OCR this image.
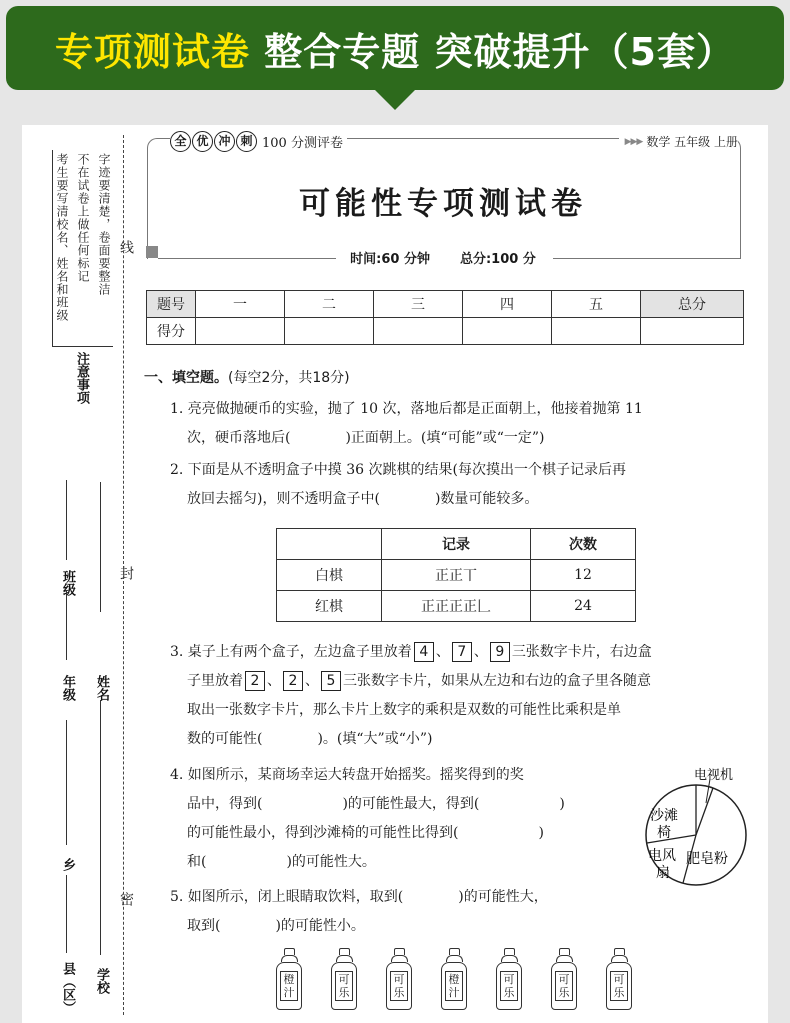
专项测试卷 整合专题 突破提升（5套）
考生要写清校名、姓名和班级 不在试卷上做任何标记 字迹要清楚，卷面要整洁
注意事项
线
封
密
班级
年级 姓名
乡
县（区） 学校
全 优 冲 刺 100 分测评卷	▶▶▶ 数学 五年级 上册
可能性专项测试卷
时间:60 分钟 总分:100 分
题号	一	二	三	四	五	总分
得分						
一、填空题。(每空2分，共18分)
1. 亮亮做抛硬币的实验，抛了 10 次，落地后都是正面朝上，他接着抛第 11
次，硬币落地后(	)正面朝上。(填“可能”或“一定”)
2. 下面是从不透明盒子中摸 36 次跳棋的结果(每次摸出一个棋子记录后再
放回去摇匀)，则不透明盒子中(	)数量可能较多。
	记录	次数
白棋	正正丅	12
红棋	正正正正𠃊	24
3. 桌子上有两个盒子，左边盒子里放着 4 、 7 、 9 三张数字卡片，右边盒
子里放着 2 、 2 、 5 三张数字卡片，如果从左边和右边的盒子里各随意
取出一张数字卡片，那么卡片上数字的乘积是双数的可能性比乘积是单
数的可能性(	)。(填“大”或“小”)
4. 如图所示，某商场幸运大转盘开始摇奖。摇奖得到的奖
品中，得到(	)的可能性最大，得到(	)
的可能性最小，得到沙滩椅的可能性比得到(	)
和(	)的可能性大。
电视机
沙滩
椅
电风
扇
肥皂粉
5. 如图所示，闭上眼睛取饮料，取到(	)的可能性大，
取到(	)的可能性小。
橙
汁
可
乐
可
乐
橙
汁
可
乐
可
乐
可
乐
